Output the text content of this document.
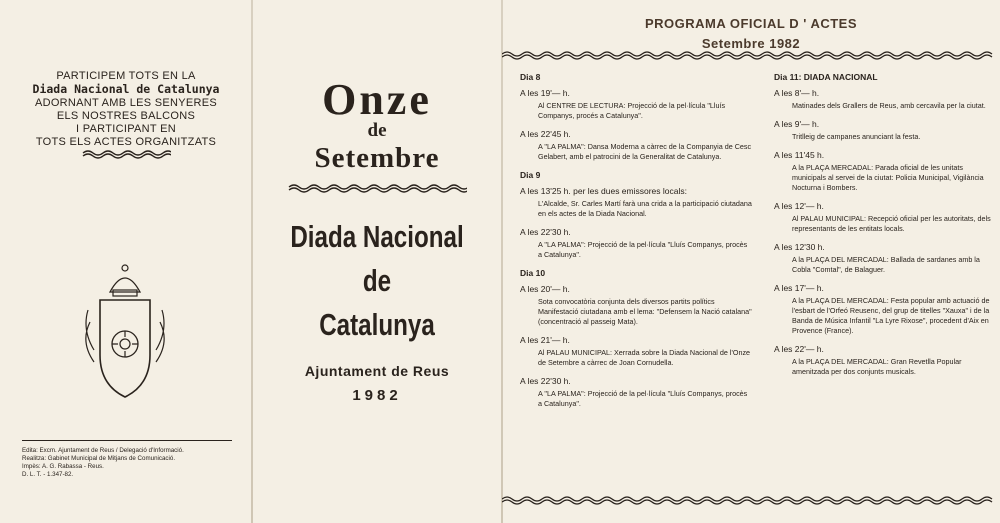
PARTICIPEM TOTS EN LA
Diada Nacional de Catalunya
ADORNANT AMB LES SENYERES
ELS NOSTRES BALCONS
I PARTICIPANT EN
TOTS ELS ACTES ORGANITZATS
Edita: Excm. Ajuntament de Reus / Delegació d'Informació.
Realitza: Gabinet Municipal de Mitjans de Comunicació.
Impès: A. G. Rabassa - Reus.
D. L. T. - 1.347-82.
Onze
de
Setembre
Diada Nacional
de
Catalunya
Ajuntament de Reus
1982
PROGRAMA OFICIAL D ' ACTES
Setembre 1982
Dia 8
A les 19'— h.
Al CENTRE DE LECTURA: Projecció de la pel·lícula "Lluís Companys, procés a Catalunya".
A les 22'45 h.
A "LA PALMA": Dansa Moderna a càrrec de la Companyia de Cesc Gelabert, amb el patrocini de la Generalitat de Catalunya.
Dia 9
A les 13'25 h. per les dues emissores locals:
L'Alcalde, Sr. Carles Martí farà una crida a la participació ciutadana en els actes de la Diada Nacional.
A les 22'30 h.
A "LA PALMA": Projecció de la pel·lícula "Lluís Companys, procès a Catalunya".
Dia 10
A les 20'— h.
Sota convocatòria conjunta dels diversos partits polítics Manifestació ciutadana amb el lema: "Defensem la Nació catalana" (concentració al passeig Mata).
A les 21'— h.
Al PALAU MUNICIPAL: Xerrada sobre la Diada Nacional de l'Onze de Setembre a càrrec de Joan Cornudella.
A les 22'30 h.
A "LA PALMA": Projecció de la pel·lícula "Lluís Companys, procès a Catalunya".
Dia 11: DIADA NACIONAL
A les 8'— h.
Matinades dels Grallers de Reus, amb cercavila per la ciutat.
A les 9'— h.
Tritlleig de campanes anunciant la festa.
A les 11'45 h.
A la PLAÇA MERCADAL: Parada oficial de les unitats municipals al servei de la ciutat: Policia Municipal, Vigilància Nocturna i Bombers.
A les 12'— h.
Al PALAU MUNICIPAL: Recepció oficial per les autoritats, dels representants de les entitats locals.
A les 12'30 h.
A la PLAÇA DEL MERCADAL: Ballada de sardanes amb la Cobla "Comtal", de Balaguer.
A les 17'— h.
A la PLAÇA DEL MERCADAL: Festa popular amb actuació de l'esbart de l'Orfeó Reusenc, del grup de titelles "Xauxa" i de la Banda de Música Infantil "La Lyre Rixose", procedent d'Aix en Provence (France).
A les 22'— h.
A la PLAÇA DEL MERCADAL: Gran Revetlla Popular amenitzada per dos conjunts musicals.
